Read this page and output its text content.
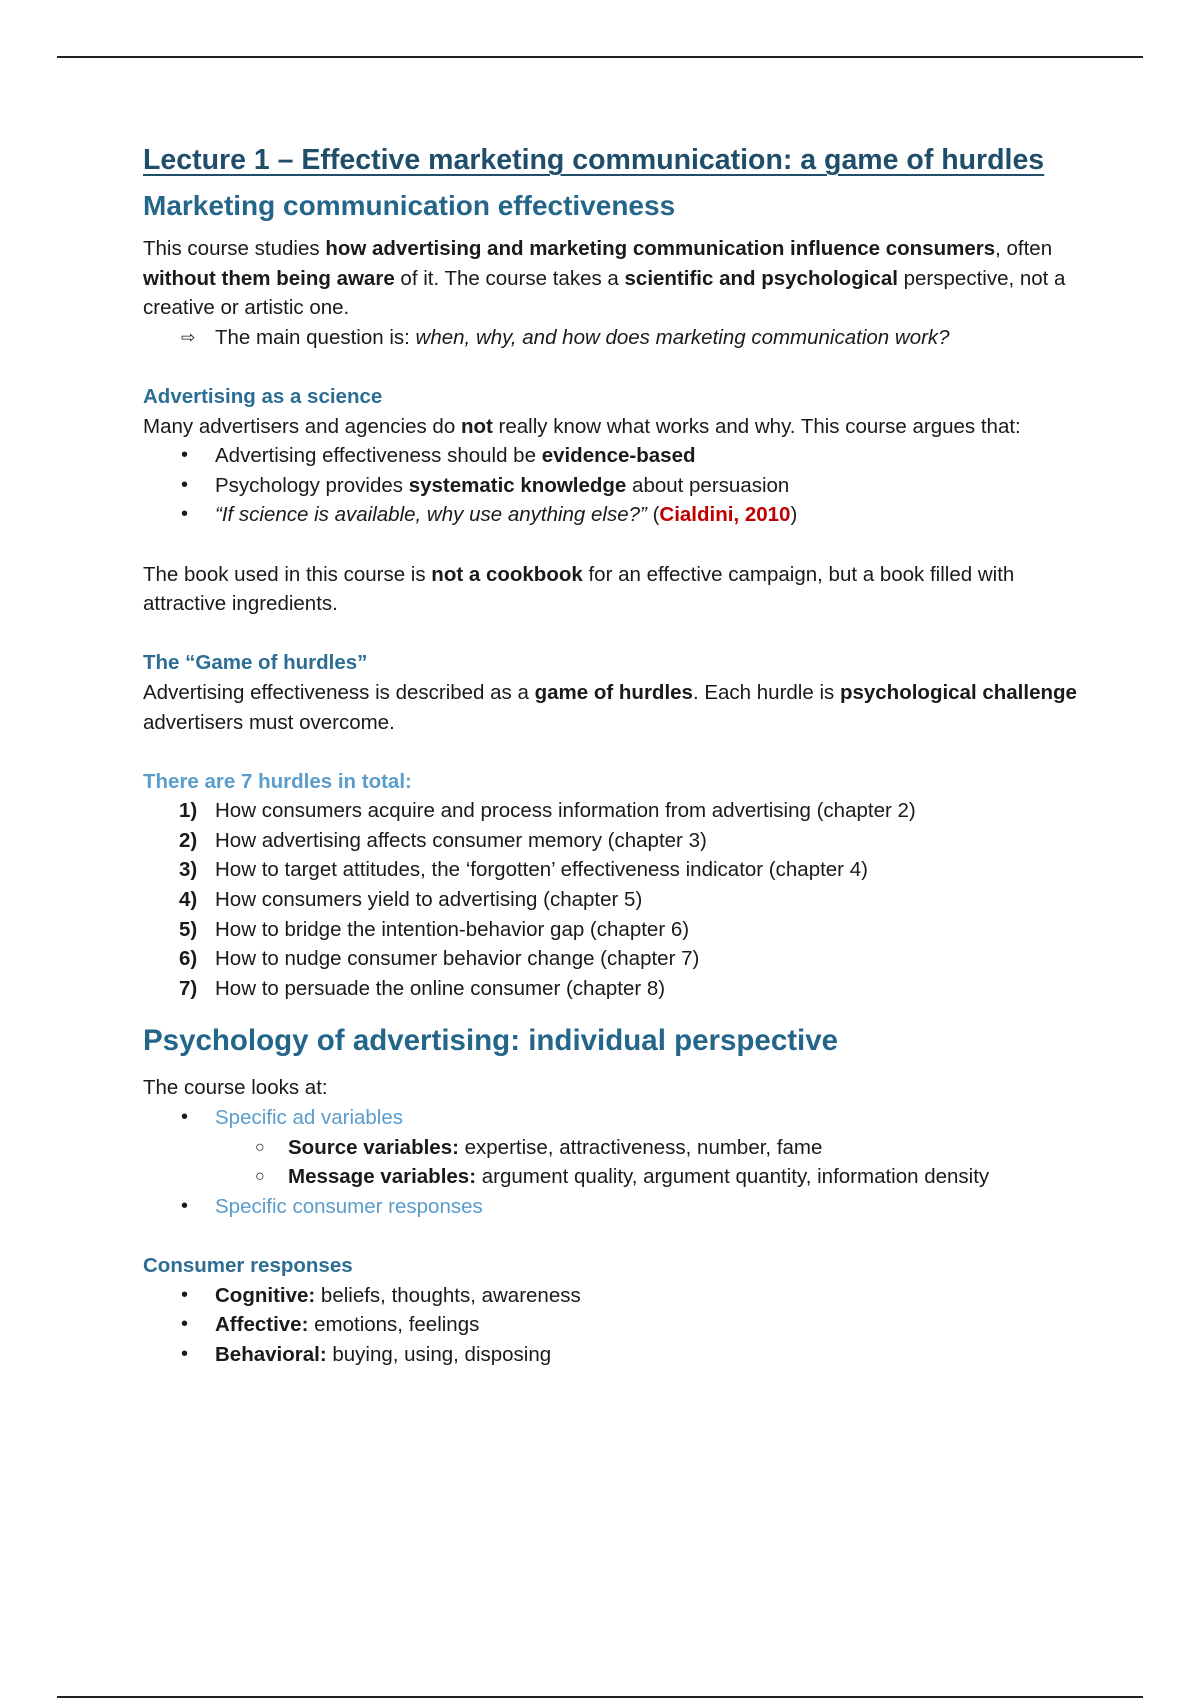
Lecture 1 – Effective marketing communication: a game of hurdles
Marketing communication effectiveness

This course studies how advertising and marketing communication influence consumers, often without them being aware of it. The course takes a scientific and psychological perspective, not a creative or artistic one.

⇨ The main question is: when, why, and how does marketing communication work?

Advertising as a science

Many advertisers and agencies do not really know what works and why. This course argues that:

• Advertising effectiveness should be evidence-based
• Psychology provides systematic knowledge about persuasion
• “If science is available, why use anything else?” (Cialdini, 2010)

The book used in this course is not a cookbook for an effective campaign, but a book filled with attractive ingredients.

The “Game of hurdles”

Advertising effectiveness is described as a game of hurdles. Each hurdle is psychological challenge advertisers must overcome.

There are 7 hurdles in total:
1) How consumers acquire and process information from advertising (chapter 2)
2) How advertising affects consumer memory (chapter 3)
3) How to target attitudes, the ‘forgotten’ effectiveness indicator (chapter 4)
4) How consumers yield to advertising (chapter 5)
5) How to bridge the intention-behavior gap (chapter 6)
6) How to nudge consumer behavior change (chapter 7)
7) How to persuade the online consumer (chapter 8)
Psychology of advertising: individual perspective

The course looks at:

• Specific ad variables
○ Source variables: expertise, attractiveness, number, fame
○ Message variables: argument quality, argument quantity, information density
• Specific consumer responses
Consumer responses
• Cognitive: beliefs, thoughts, awareness
• Affective: emotions, feelings
• Behavioral: buying, using, disposing
